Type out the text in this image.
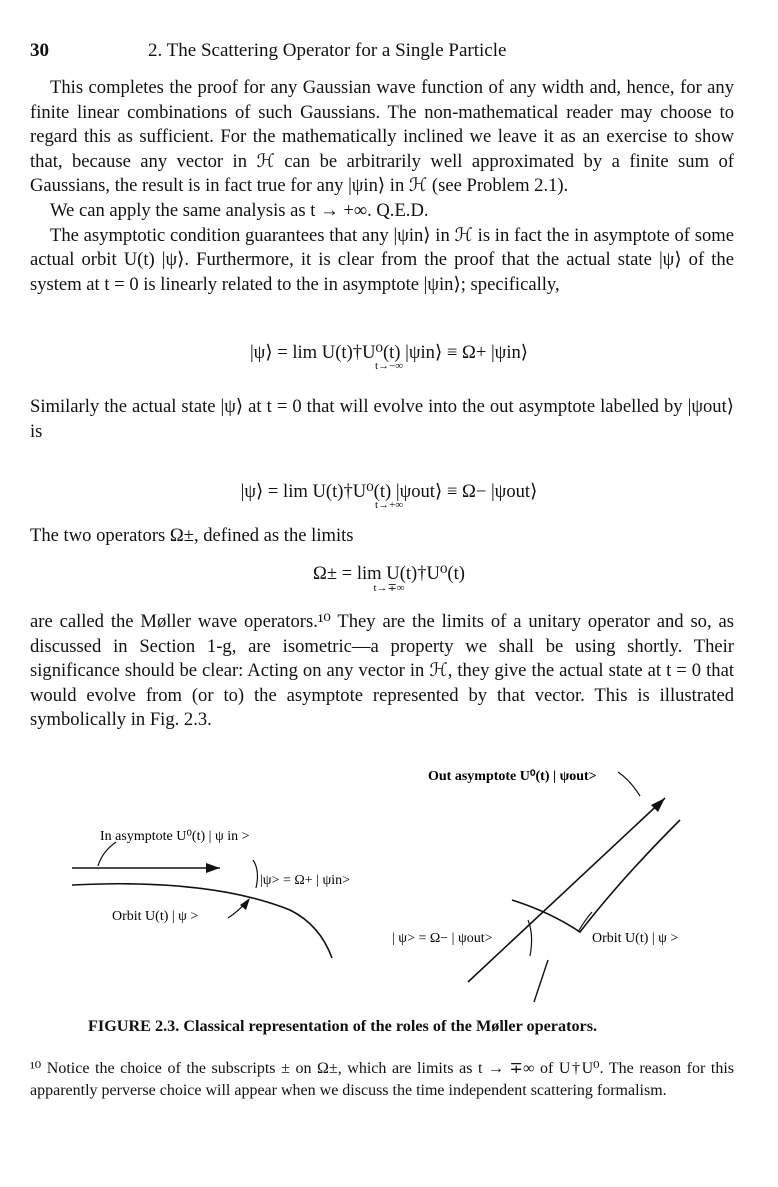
30	2. The Scattering Operator for a Single Particle

This completes the proof for any Gaussian wave function of any width and, hence, for any finite linear combinations of such Gaussians. The non-mathematical reader may choose to regard this as sufficient. For the mathematically inclined we leave it as an exercise to show that, because any vector in ℋ can be arbitrarily well approximated by a finite sum of Gaussians, the result is in fact true for any |ψin⟩ in ℋ (see Problem 2.1).

We can apply the same analysis as t → +∞. Q.E.D.

The asymptotic condition guarantees that any |ψin⟩ in ℋ is in fact the in asymptote of some actual orbit U(t) |ψ⟩. Furthermore, it is clear from the proof that the actual state |ψ⟩ of the system at t = 0 is linearly related to the in asymptote |ψin⟩; specifically,

|ψ⟩ = lim U(t)†U⁰(t) |ψin⟩ ≡ Ω+ |ψin⟩
t→−∞

Similarly the actual state |ψ⟩ at t = 0 that will evolve into the out asymptote labelled by |ψout⟩ is

|ψ⟩ = lim U(t)†U⁰(t) |ψout⟩ ≡ Ω− |ψout⟩
t→+∞

The two operators Ω±, defined as the limits

Ω± = lim U(t)†U⁰(t)
t→∓∞

are called the Møller wave operators.¹⁰ They are the limits of a unitary operator and so, as discussed in Section 1-g, are isometric—a property we shall be using shortly. Their significance should be clear: Acting on any vector in ℋ, they give the actual state at t = 0 that would evolve from (or to) the asymptote represented by that vector. This is illustrated symbolically in Fig. 2.3.

Out asymptote U⁰(t) | ψout>
In asymptote U⁰(t) | ψ in >
|ψ> = Ω+ | ψin>
Orbit U(t) | ψ >
| ψ> = Ω− | ψout>	Orbit U(t) | ψ >
FIGURE 2.3. Classical representation of the roles of the Møller operators.
¹⁰ Notice the choice of the subscripts ± on Ω±, which are limits as t → ∓∞ of U†U⁰. The reason for this apparently perverse choice will appear when we discuss the time independent scattering formalism.
